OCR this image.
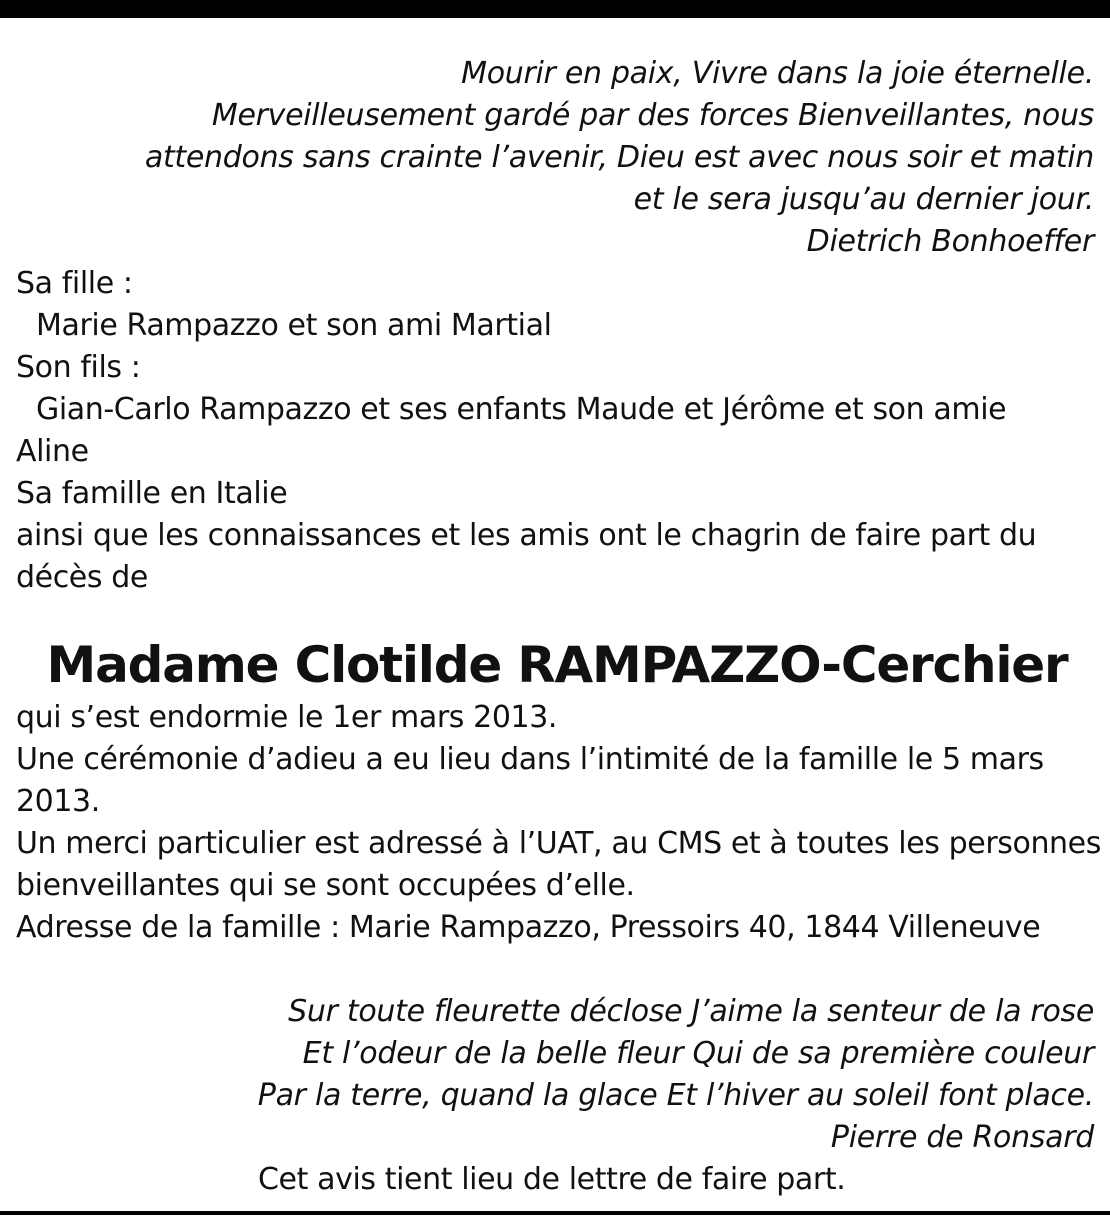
Mourir en paix, Vivre dans la joie éternelle.
Merveilleusement gardé par des forces Bienveillantes, nous
attendons sans crainte l’avenir, Dieu est avec nous soir et matin
et le sera jusqu’au dernier jour.
Dietrich Bonhoeffer
Sa fille :
Marie Rampazzo et son ami Martial
Son fils :
Gian-Carlo Rampazzo et ses enfants Maude et Jérôme et son amie
Aline
Sa famille en Italie
ainsi que les connaissances et les amis ont le chagrin de faire part du
décès de
Madame Clotilde RAMPAZZO-Cerchier
qui s’est endormie le 1er mars 2013.
Une cérémonie d’adieu a eu lieu dans l’intimité de la famille le 5 mars
2013.
Un merci particulier est adressé à l’UAT, au CMS et à toutes les personnes
bienveillantes qui se sont occupées d’elle.
Adresse de la famille : Marie Rampazzo, Pressoirs 40, 1844 Villeneuve
Sur toute fleurette déclose J’aime la senteur de la rose
Et l’odeur de la belle fleur Qui de sa première couleur
Par la terre, quand la glace Et l’hiver au soleil font place.
Pierre de Ronsard
Cet avis tient lieu de lettre de faire part.
